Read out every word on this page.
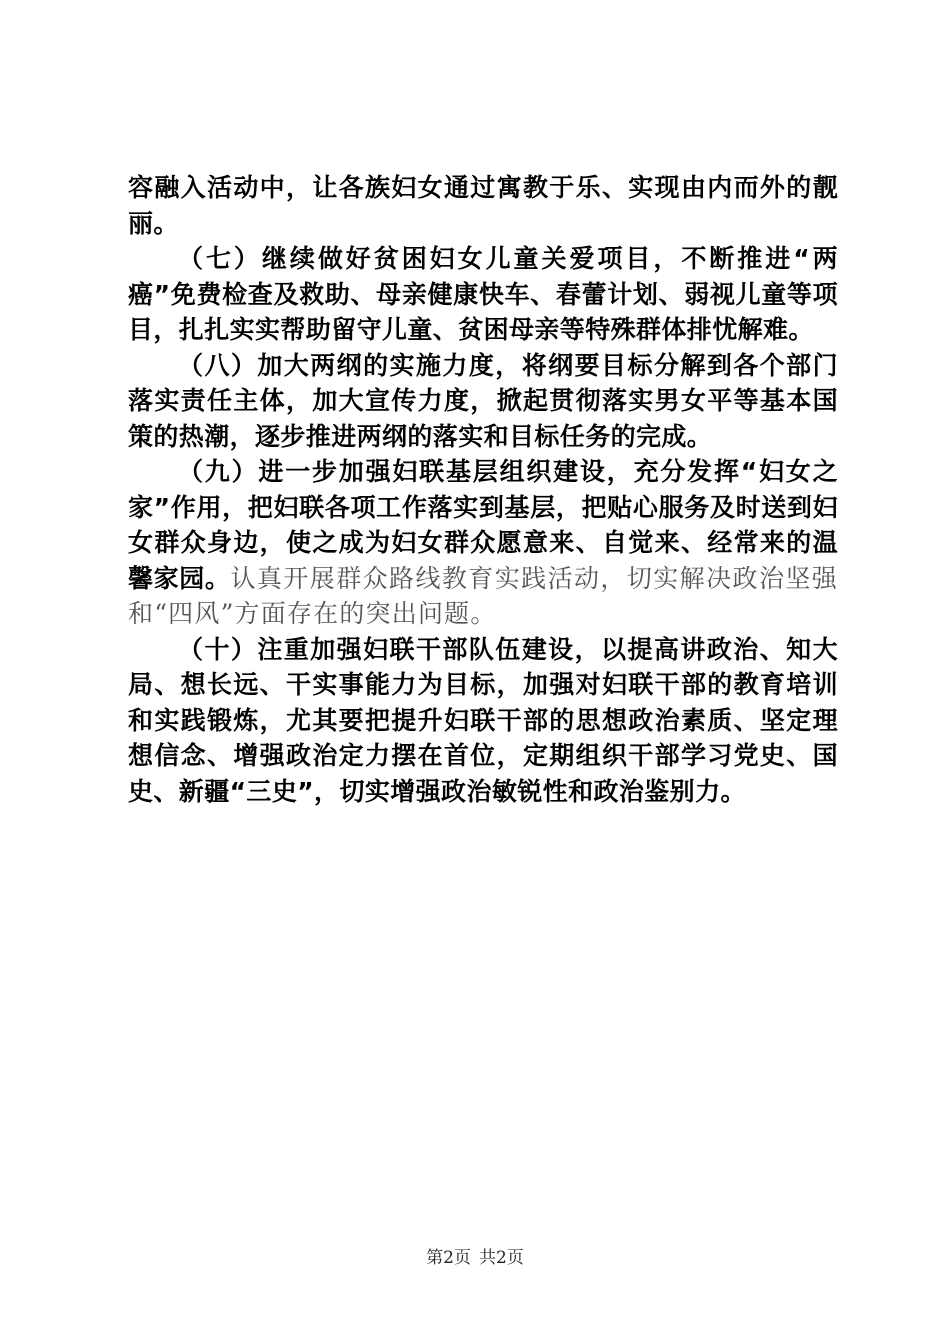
容融入活动中，让各族妇女通过寓教于乐、实现由内而外的靓丽。

（七）继续做好贫困妇女儿童关爱项目，不断推进“两癌”免费检查及救助、母亲健康快车、春蕾计划、弱视儿童等项目，扎扎实实帮助留守儿童、贫困母亲等特殊群体排忧解难。

（八）加大两纲的实施力度，将纲要目标分解到各个部门落实责任主体，加大宣传力度，掀起贯彻落实男女平等基本国策的热潮，逐步推进两纲的落实和目标任务的完成。

（九）进一步加强妇联基层组织建设，充分发挥“妇女之家”作用，把妇联各项工作落实到基层，把贴心服务及时送到妇女群众身边，使之成为妇女群众愿意来、自觉来、经常来的温馨家园。认真开展群众路线教育实践活动，切实解决政治坚强和“四风”方面存在的突出问题。

（十）注重加强妇联干部队伍建设，以提高讲政治、知大局、想长远、干实事能力为目标，加强对妇联干部的教育培训和实践锻炼，尤其要把提升妇联干部的思想政治素质、坚定理想信念、增强政治定力摆在首位，定期组织干部学习党史、国史、新疆“三史”，切实增强政治敏锐性和政治鉴别力。

第2页 共2页
